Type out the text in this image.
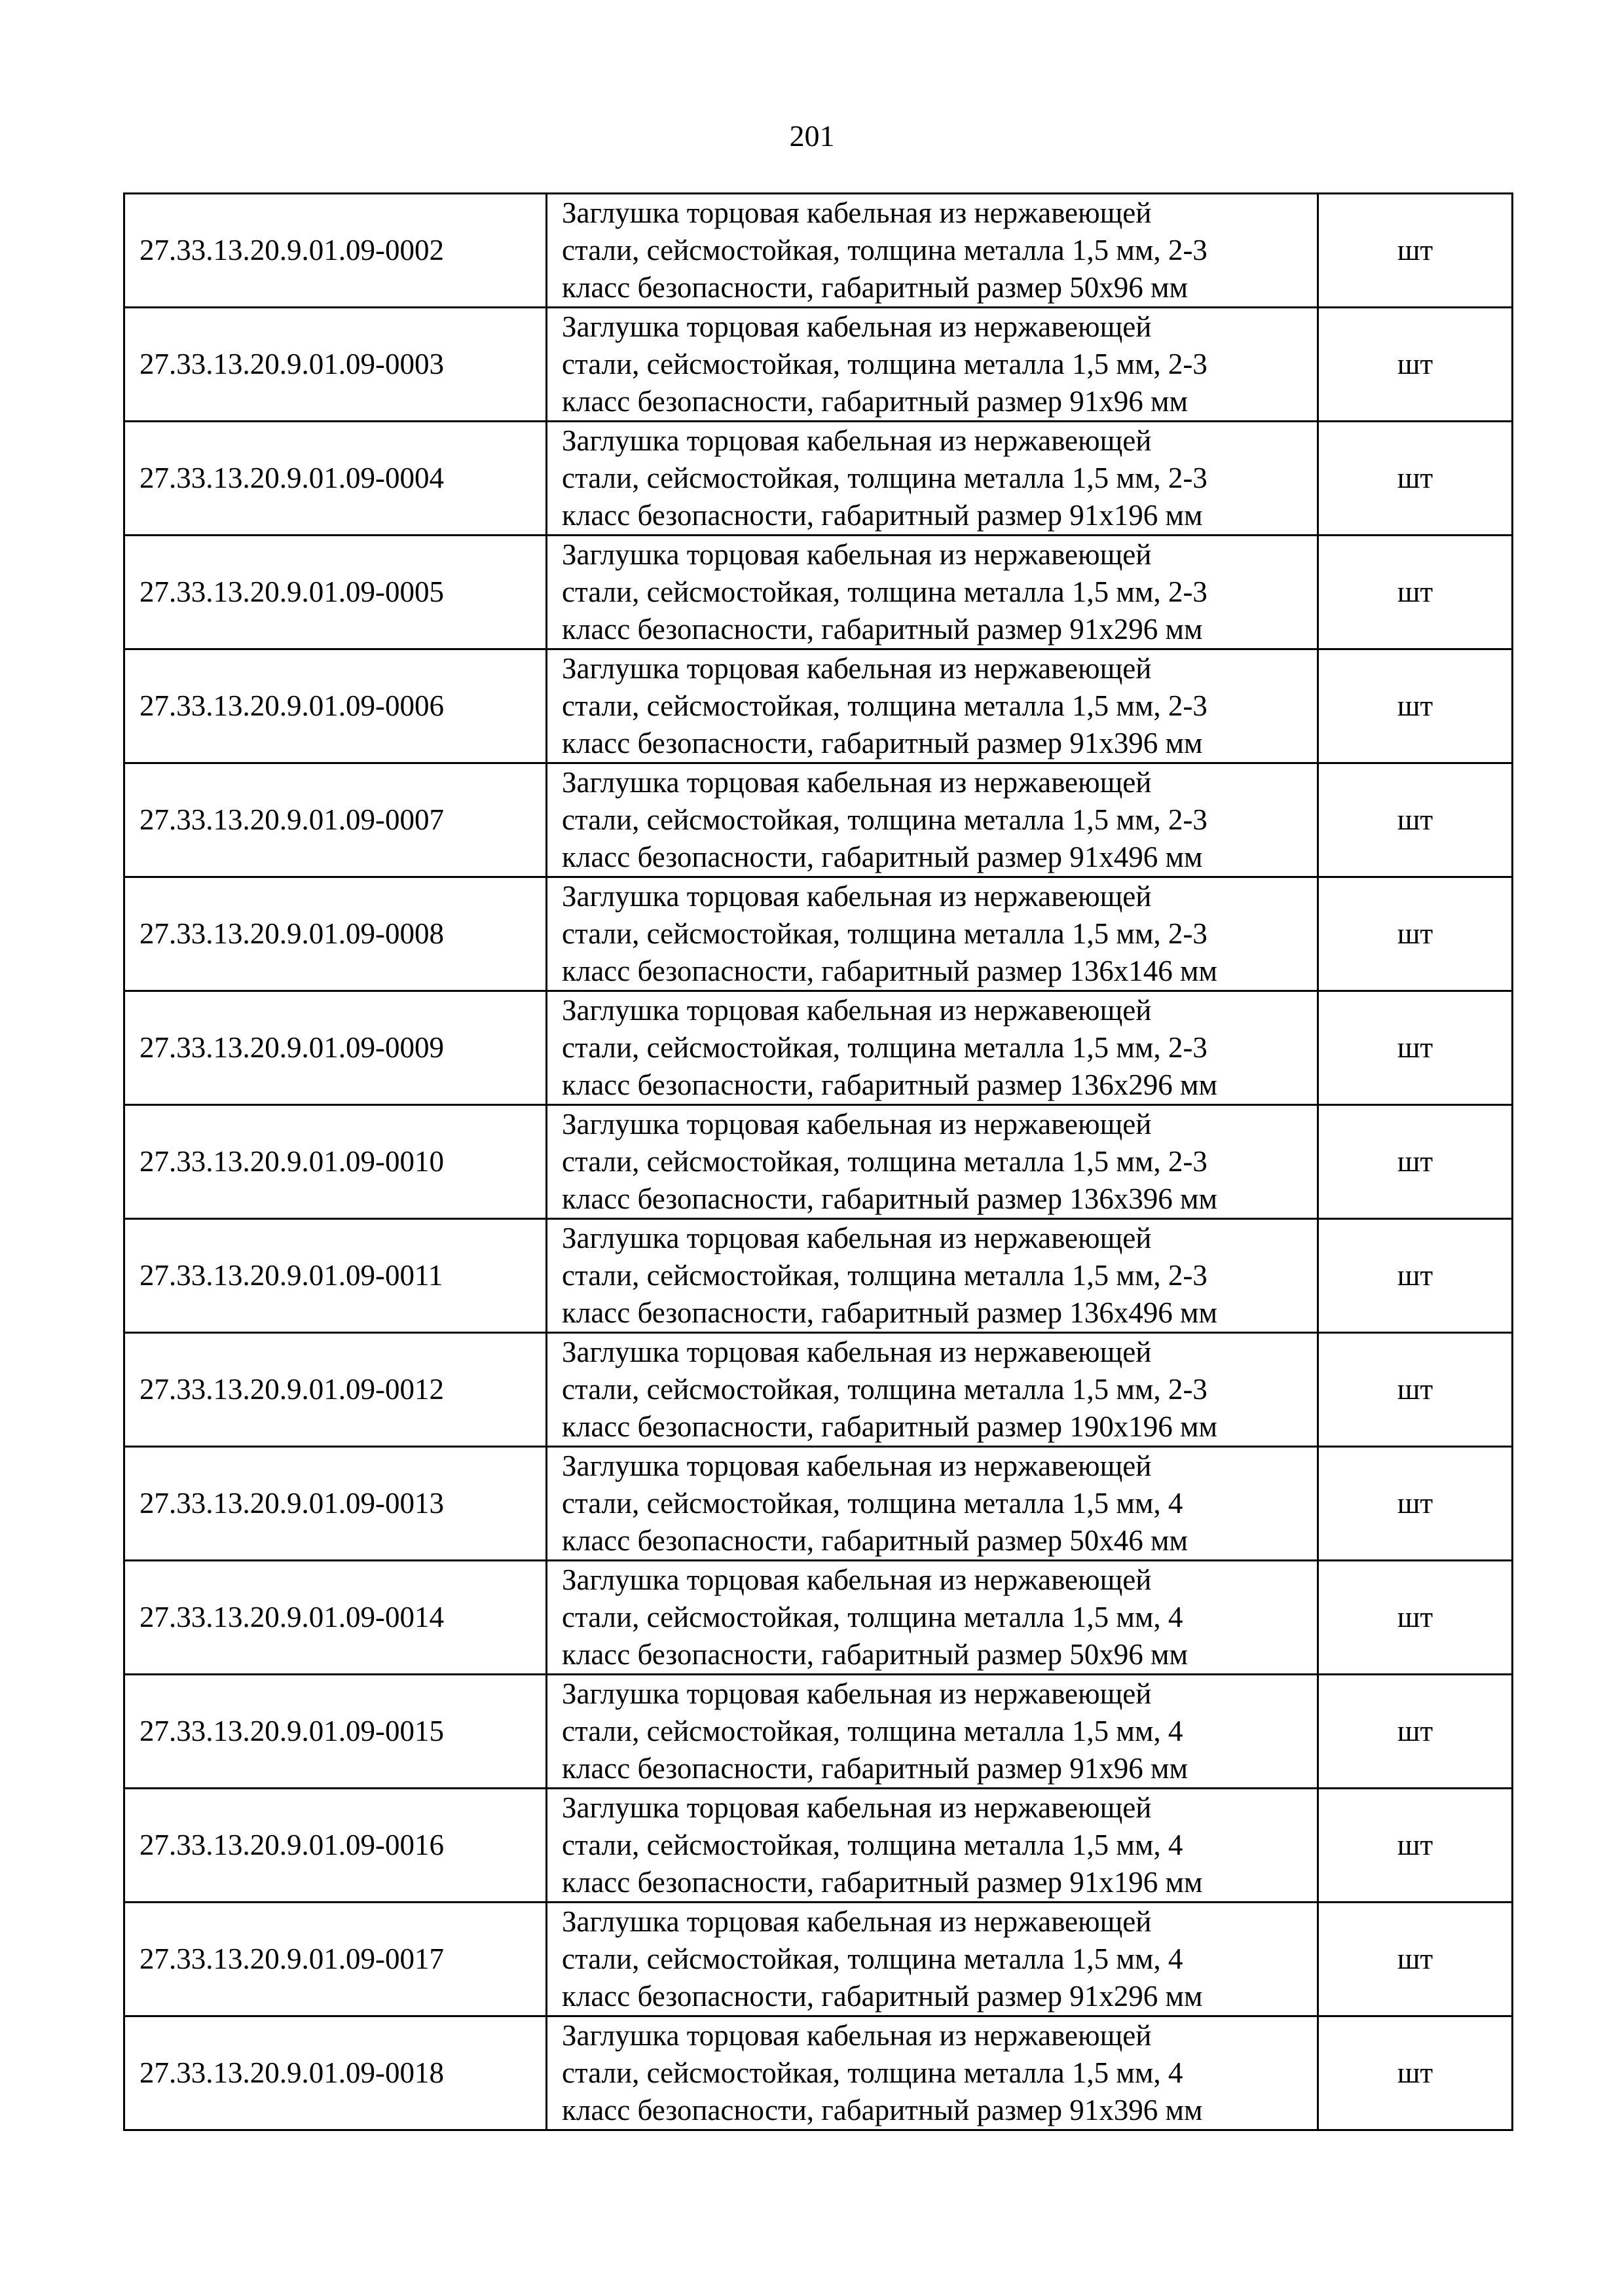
201
27.33.13.20.9.01.09-0002	Заглушка торцовая кабельная из нержавеющей
стали, сейсмостойкая, толщина металла 1,5 мм, 2-3
класс безопасности, габаритный размер 50х96 мм	шт
27.33.13.20.9.01.09-0003	Заглушка торцовая кабельная из нержавеющей
стали, сейсмостойкая, толщина металла 1,5 мм, 2-3
класс безопасности, габаритный размер 91х96 мм	шт
27.33.13.20.9.01.09-0004	Заглушка торцовая кабельная из нержавеющей
стали, сейсмостойкая, толщина металла 1,5 мм, 2-3
класс безопасности, габаритный размер 91х196 мм	шт
27.33.13.20.9.01.09-0005	Заглушка торцовая кабельная из нержавеющей
стали, сейсмостойкая, толщина металла 1,5 мм, 2-3
класс безопасности, габаритный размер 91х296 мм	шт
27.33.13.20.9.01.09-0006	Заглушка торцовая кабельная из нержавеющей
стали, сейсмостойкая, толщина металла 1,5 мм, 2-3
класс безопасности, габаритный размер 91х396 мм	шт
27.33.13.20.9.01.09-0007	Заглушка торцовая кабельная из нержавеющей
стали, сейсмостойкая, толщина металла 1,5 мм, 2-3
класс безопасности, габаритный размер 91х496 мм	шт
27.33.13.20.9.01.09-0008	Заглушка торцовая кабельная из нержавеющей
стали, сейсмостойкая, толщина металла 1,5 мм, 2-3
класс безопасности, габаритный размер 136х146 мм	шт
27.33.13.20.9.01.09-0009	Заглушка торцовая кабельная из нержавеющей
стали, сейсмостойкая, толщина металла 1,5 мм, 2-3
класс безопасности, габаритный размер 136х296 мм	шт
27.33.13.20.9.01.09-0010	Заглушка торцовая кабельная из нержавеющей
стали, сейсмостойкая, толщина металла 1,5 мм, 2-3
класс безопасности, габаритный размер 136х396 мм	шт
27.33.13.20.9.01.09-0011	Заглушка торцовая кабельная из нержавеющей
стали, сейсмостойкая, толщина металла 1,5 мм, 2-3
класс безопасности, габаритный размер 136х496 мм	шт
27.33.13.20.9.01.09-0012	Заглушка торцовая кабельная из нержавеющей
стали, сейсмостойкая, толщина металла 1,5 мм, 2-3
класс безопасности, габаритный размер 190х196 мм	шт
27.33.13.20.9.01.09-0013	Заглушка торцовая кабельная из нержавеющей
стали, сейсмостойкая, толщина металла 1,5 мм, 4
класс безопасности, габаритный размер 50х46 мм	шт
27.33.13.20.9.01.09-0014	Заглушка торцовая кабельная из нержавеющей
стали, сейсмостойкая, толщина металла 1,5 мм, 4
класс безопасности, габаритный размер 50х96 мм	шт
27.33.13.20.9.01.09-0015	Заглушка торцовая кабельная из нержавеющей
стали, сейсмостойкая, толщина металла 1,5 мм, 4
класс безопасности, габаритный размер 91х96 мм	шт
27.33.13.20.9.01.09-0016	Заглушка торцовая кабельная из нержавеющей
стали, сейсмостойкая, толщина металла 1,5 мм, 4
класс безопасности, габаритный размер 91х196 мм	шт
27.33.13.20.9.01.09-0017	Заглушка торцовая кабельная из нержавеющей
стали, сейсмостойкая, толщина металла 1,5 мм, 4
класс безопасности, габаритный размер 91х296 мм	шт
27.33.13.20.9.01.09-0018	Заглушка торцовая кабельная из нержавеющей
стали, сейсмостойкая, толщина металла 1,5 мм, 4
класс безопасности, габаритный размер 91х396 мм	шт
